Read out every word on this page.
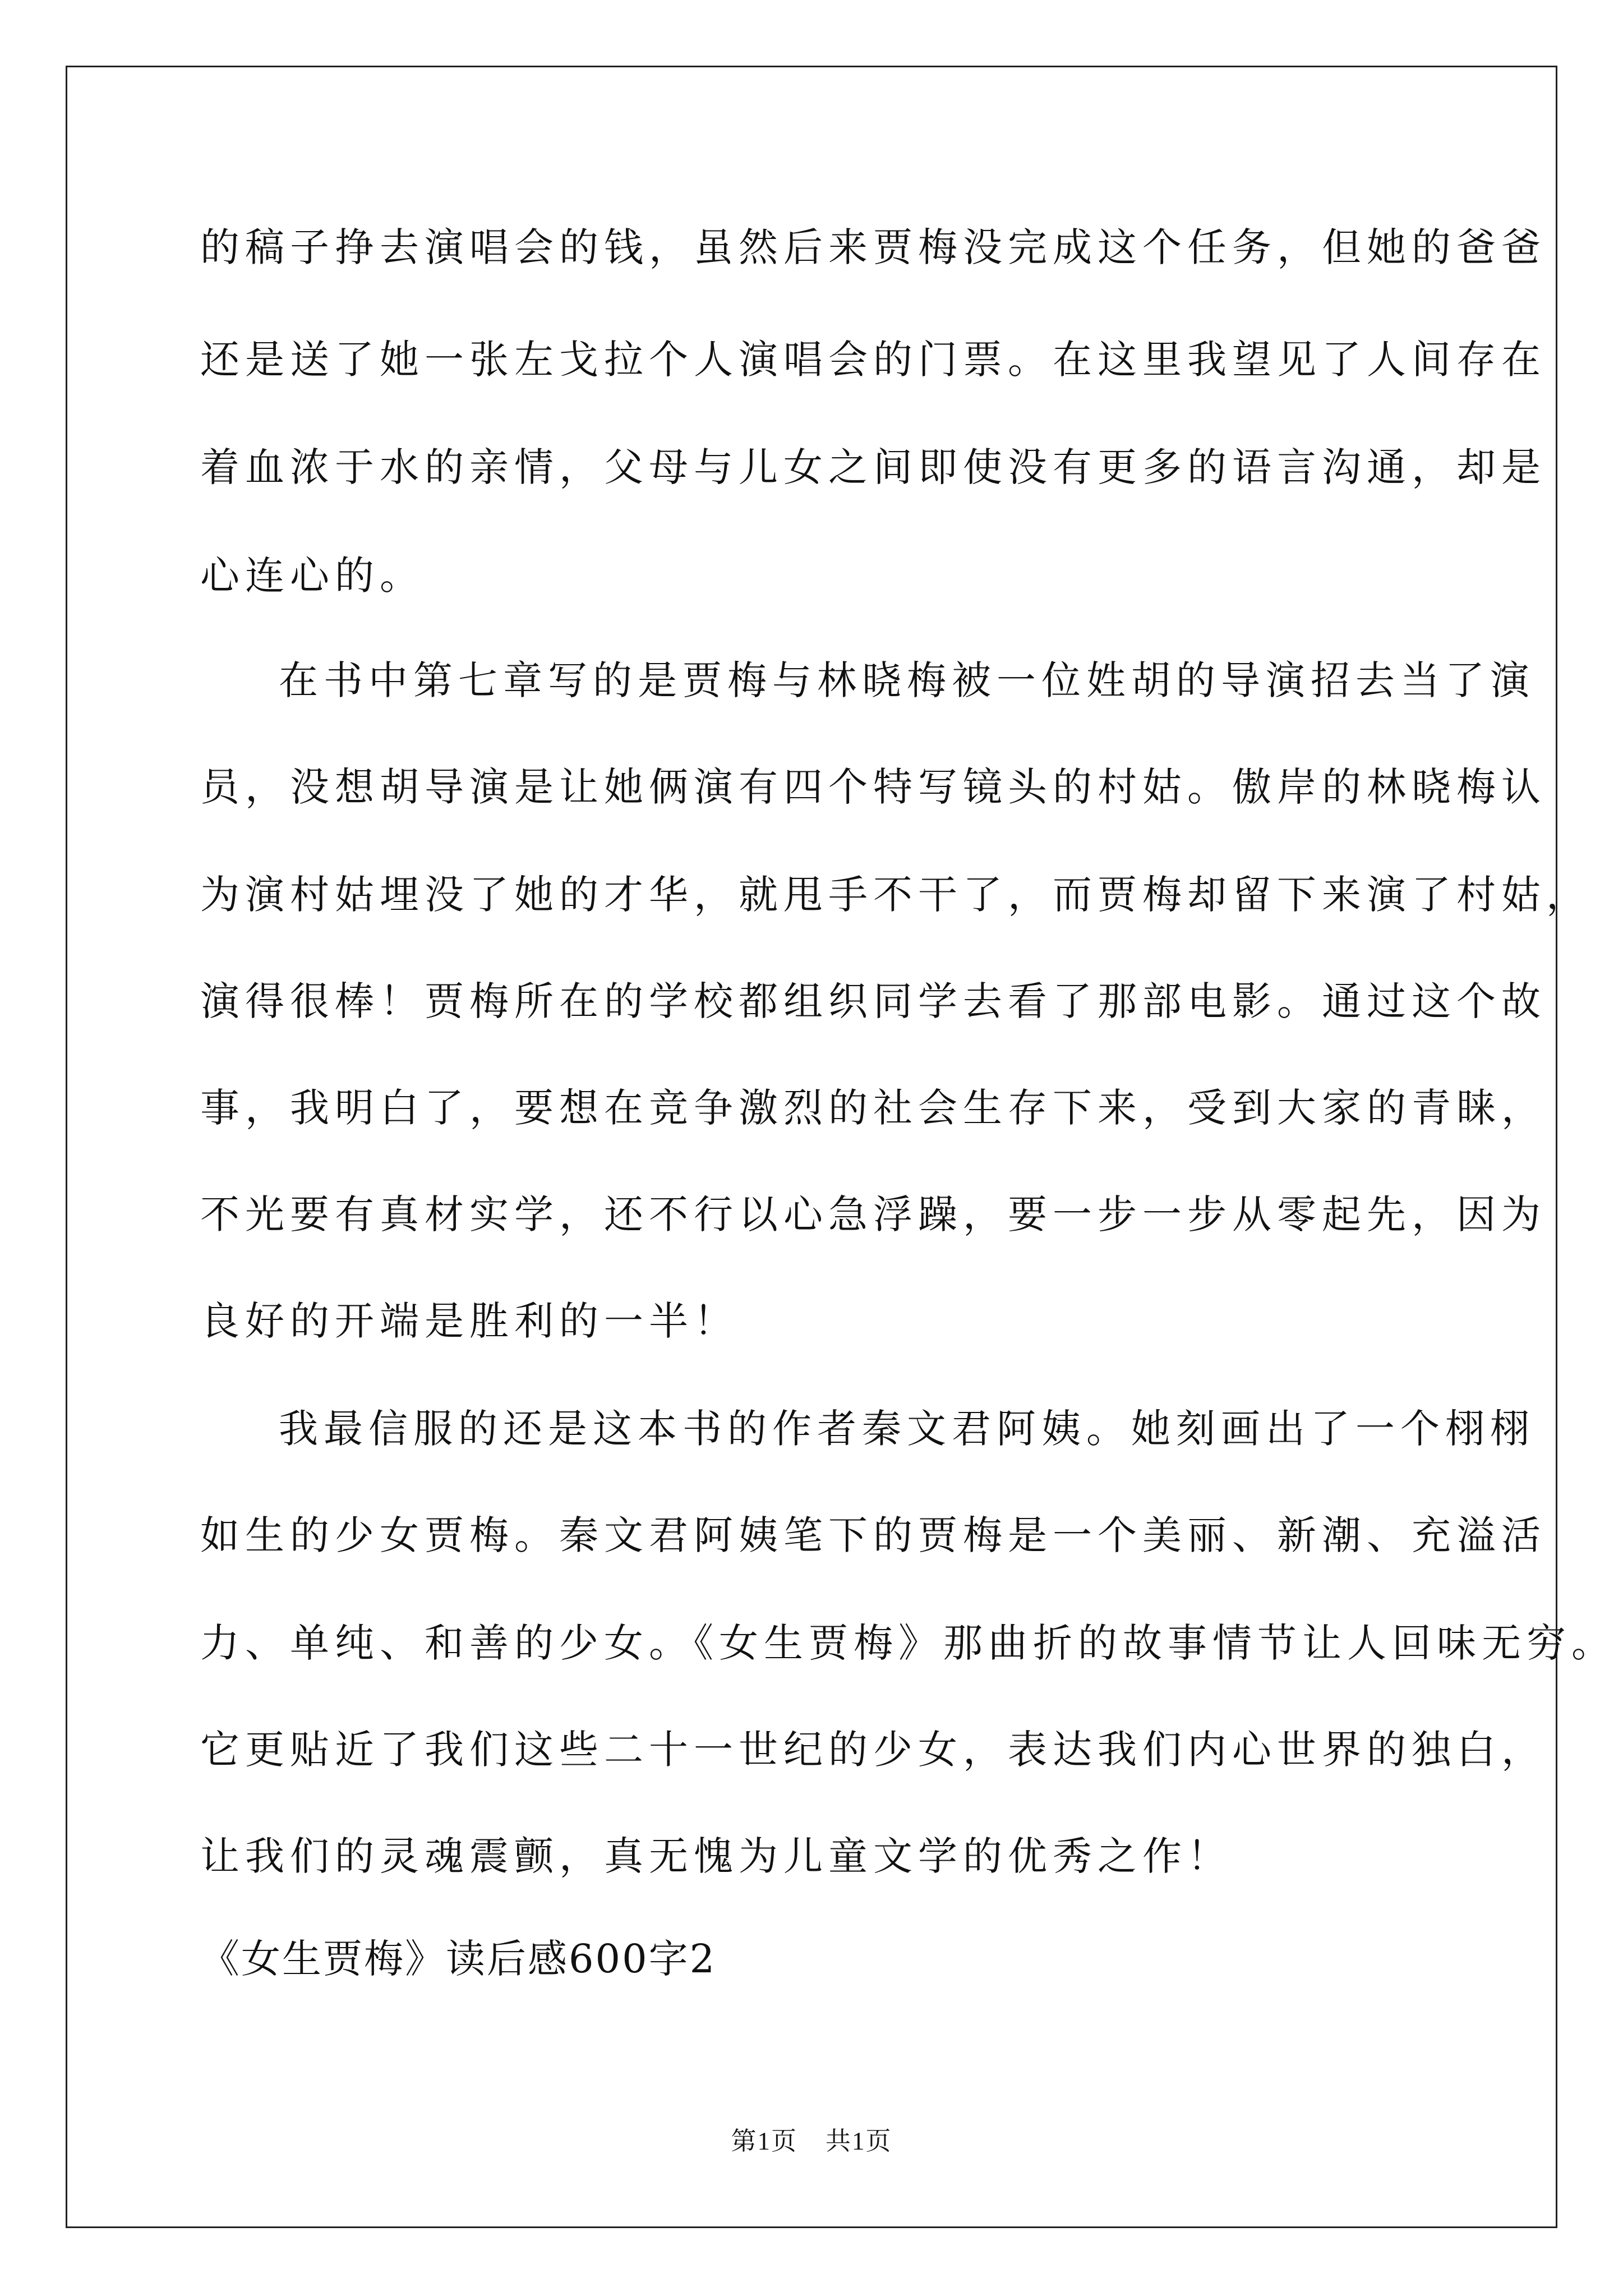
的稿子挣去演唱会的钱，虽然后来贾梅没完成这个任务，但她的爸爸
还是送了她一张左戈拉个人演唱会的门票。在这里我望见了人间存在
着血浓于水的亲情，父母与儿女之间即使没有更多的语言沟通，却是
心连心的。
在书中第七章写的是贾梅与林晓梅被一位姓胡的导演招去当了演
员，没想胡导演是让她俩演有四个特写镜头的村姑。傲岸的林晓梅认
为演村姑埋没了她的才华，就甩手不干了，而贾梅却留下来演了村姑，
演得很棒！贾梅所在的学校都组织同学去看了那部电影。通过这个故
事，我明白了，要想在竞争激烈的社会生存下来，受到大家的青睐，
不光要有真材实学，还不行以心急浮躁，要一步一步从零起先，因为
良好的开端是胜利的一半！
我最信服的还是这本书的作者秦文君阿姨。她刻画出了一个栩栩
如生的少女贾梅。秦文君阿姨笔下的贾梅是一个美丽、新潮、充溢活
力、单纯、和善的少女。《女生贾梅》那曲折的故事情节让人回味无穷。
它更贴近了我们这些二十一世纪的少女，表达我们内心世界的独白，
让我们的灵魂震颤，真无愧为儿童文学的优秀之作！
《女生贾梅》读后感600字2
第1页 共1页
